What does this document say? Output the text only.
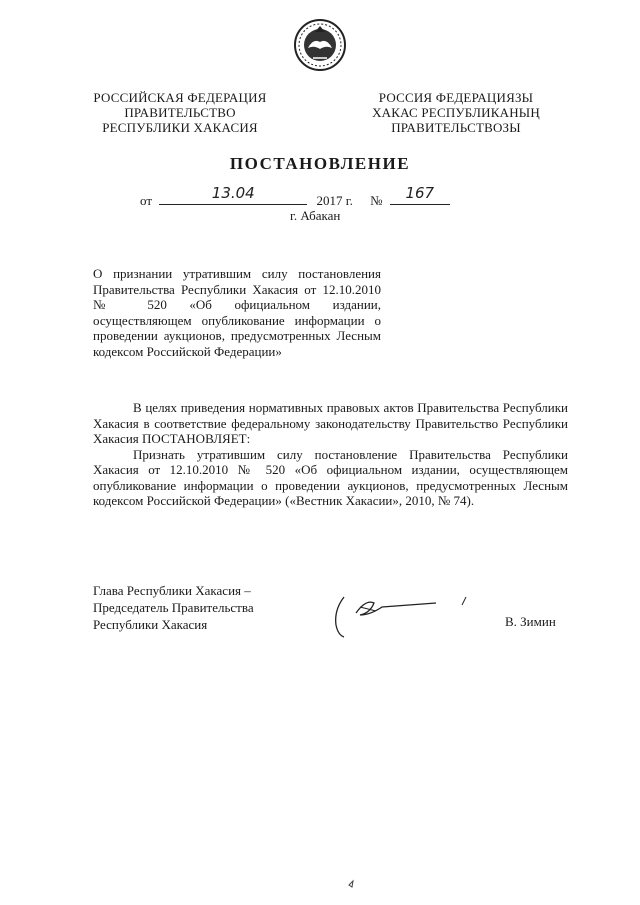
РОССИЙСКАЯ ФЕДЕРАЦИЯ
ПРАВИТЕЛЬСТВО
РЕСПУБЛИКИ ХАКАСИЯ
РОССИЯ ФЕДЕРАЦИЯЗЫ
ХАКАС РЕСПУБЛИКАНЫҢ
ПРАВИТЕЛЬСТВОЗЫ
ПОСТАНОВЛЕНИЕ
от	13.04	2017 г. №	167
г. Абакан
О признании утратившим силу постановления Правительства Республики Хакасия от 12.10.2010 № 520 «Об официальном издании, осуществляющем опубликование информации о проведении аукционов, предусмотренных Лесным кодексом Российской Федерации»

В целях приведения нормативных правовых актов Правительства Республики Хакасия в соответствие федеральному законодательству Правительство Республики Хакасия ПОСТАНОВЛЯЕТ:

Признать утратившим силу постановление Правительства Республики Хакасия от 12.10.2010 № 520 «Об официальном издании, осуществляющем опубликование информации о проведении аукционов, предусмотренных Лесным кодексом Российской Федерации» («Вестник Хакасии», 2010, № 74).

Глава Республики Хакасия –
Председатель Правительства
Республики Хакасия	В. Зимин
